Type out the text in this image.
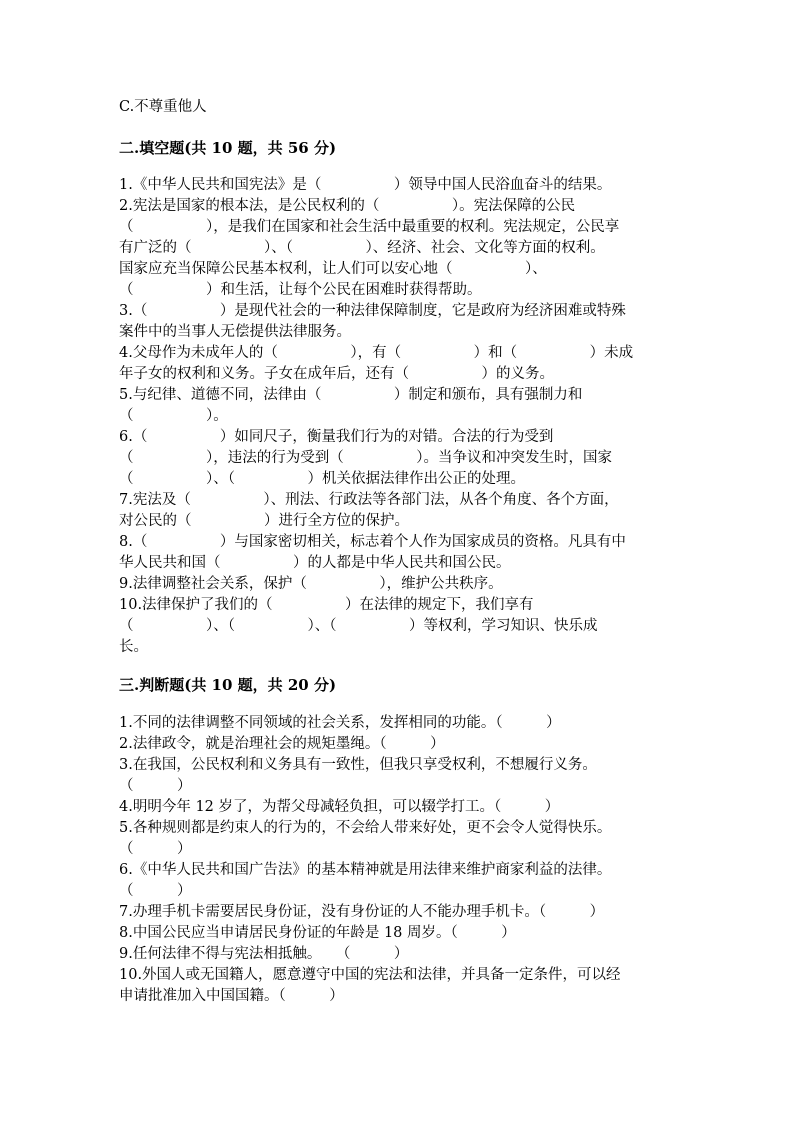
C.不尊重他人
二.填空题(共 10 题，共 56 分)
1.《中华人民共和国宪法》是（　　　　　）领导中国人民浴血奋斗的结果。
2.宪法是国家的根本法，是公民权利的（　　　　　）。宪法保障的公民
（　　　　　），是我们在国家和社会生活中最重要的权利。宪法规定，公民享
有广泛的（　　　　　）、（　　　　　）、经济、社会、文化等方面的权利。
国家应充当保障公民基本权利，让人们可以安心地（　　　　　）、
（　　　　　）和生活，让每个公民在困难时获得帮助。
3.（　　　　　）是现代社会的一种法律保障制度，它是政府为经济困难或特殊
案件中的当事人无偿提供法律服务。
4.父母作为未成年人的（　　　　　），有（　　　　　）和（　　　　　）未成
年子女的权利和义务。子女在成年后，还有（　　　　　）的义务。
5.与纪律、道德不同，法律由（　　　　　）制定和颁布，具有强制力和
（　　　　　）。
6.（　　　　　）如同尺子，衡量我们行为的对错。合法的行为受到
（　　　　　），违法的行为受到（　　　　　）。当争议和冲突发生时，国家
（　　　　　）、（　　　　　）机关依据法律作出公正的处理。
7.宪法及（　　　　　）、刑法、行政法等各部门法，从各个角度、各个方面，
对公民的（　　　　　）进行全方位的保护。
8.（　　　　　）与国家密切相关，标志着个人作为国家成员的资格。凡具有中
华人民共和国（　　　　　）的人都是中华人民共和国公民。
9.法律调整社会关系，保护（　　　　　），维护公共秩序。
10.法律保护了我们的（　　　　　）在法律的规定下，我们享有
（　　　　　）、（　　　　　）、（　　　　　）等权利，学习知识、快乐成
长。
三.判断题(共 10 题，共 20 分)
1.不同的法律调整不同领域的社会关系，发挥相同的功能。（　　　）
2.法律政令，就是治理社会的规矩墨绳。（　　　）
3.在我国，公民权利和义务具有一致性，但我只享受权利，不想履行义务。
（　　　）
4.明明今年 12 岁了，为帮父母减轻负担，可以辍学打工。（　　　）
5.各种规则都是约束人的行为的，不会给人带来好处，更不会令人觉得快乐。
（　　　）
6.《中华人民共和国广告法》的基本精神就是用法律来维护商家利益的法律。
（　　　）
7.办理手机卡需要居民身份证，没有身份证的人不能办理手机卡。（　　　）
8.中国公民应当申请居民身份证的年龄是 18 周岁。（　　　）
9.任何法律不得与宪法相抵触。　　（　　　）
10.外国人或无国籍人，愿意遵守中国的宪法和法律，并具备一定条件，可以经
申请批准加入中国国籍。（　　　）
